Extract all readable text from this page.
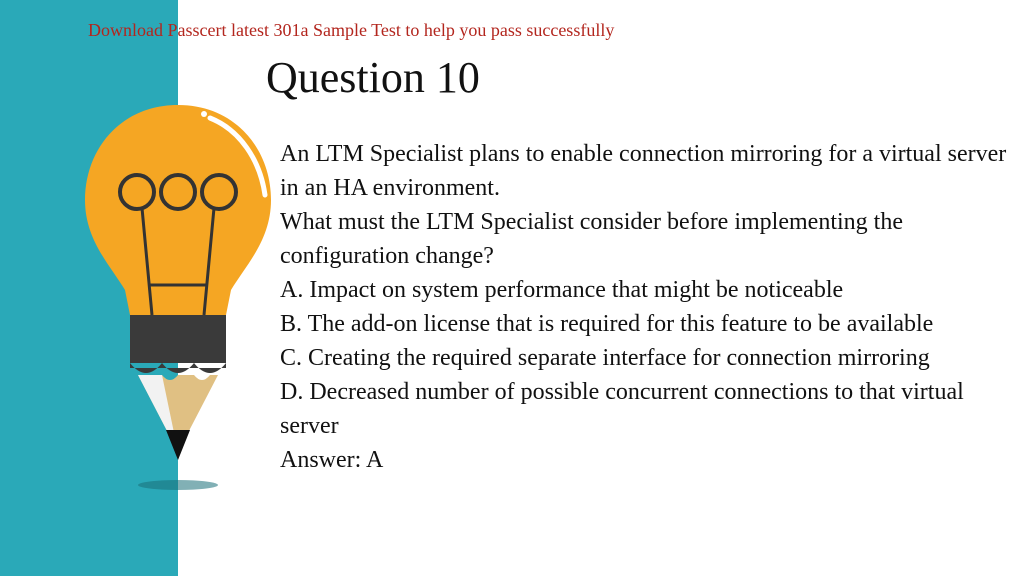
Download Passcert latest 301a Sample Test to help you pass successfully
Question 10

An LTM Specialist plans to enable connection mirroring for a virtual server in an HA environment.

What must the LTM Specialist consider before implementing the configuration change?

A. Impact on system performance that might be noticeable

B. The add-on license that is required for this feature to be available

C. Creating the required separate interface for connection mirroring

D. Decreased number of possible concurrent connections to that virtual server

Answer: A
